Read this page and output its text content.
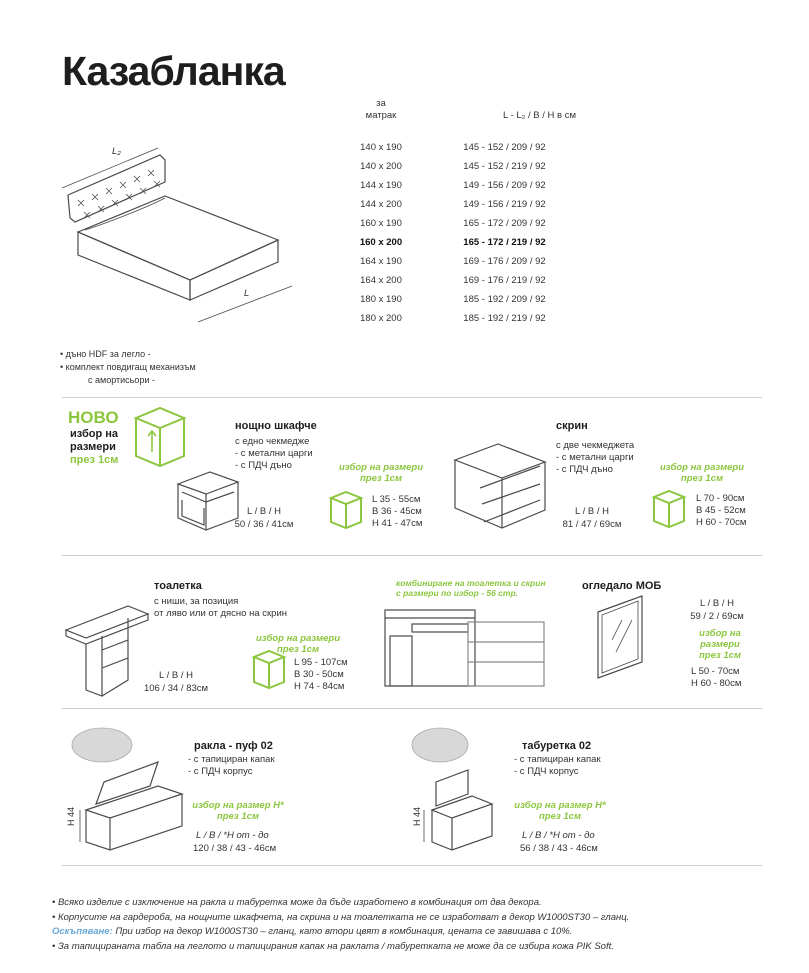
Казабланка
L₂
L
за
матрак	L - L₂ / B / H в см
140 x 190	145 - 152 / 209 / 92
140 x 200	145 - 152 / 219 / 92
144 x 190	149 - 156 / 209 / 92
144 x 200	149 - 156 / 219 / 92
160 x 190	165 - 172 / 209 / 92
160 x 200	165 - 172 / 219 / 92
164 x 190	169 - 176 / 209 / 92
164 x 200	169 - 176 / 219 / 92
180 x 190	185 - 192 / 209 / 92
180 x 200	185 - 192 / 219 / 92
• дъно HDF за легло -
• комплект повдигащ механизъм
с амортисьори -
НОВО
избор на
размери
през 1см
нощно шкафче
с едно чекмедже
- с метални царги
- с ПДЧ дъно	избор на размери
през 1см
L / B / H
50 / 36 / 41см
L 35 - 55см
B 36 - 45см
H 41 - 47см
скрин
с две чекмеджета
- с метални царги
- с ПДЧ дъно	избор на размери
през 1см
L / B / H
81 / 47 / 69см
L 70 - 90см
B 45 - 52см
H 60 - 70см
тоалетка
с ниши, за позиция
от ляво или от дясно на скрин
избор на размери
през 1см
L / B / H
106 / 34 / 83см
L 95 - 107см
B 30 - 50см
H 74 - 84см
комбиниране на тоалетка и скрин
с размери по избор - 56 стр.
огледало МОБ
L / B / H
59 / 2 / 69см
избор на
размери
през 1см
L 50 - 70см
H 60 - 80см
ракла - пуф 02
- с тапициран капак
- с ПДЧ корпус
избор на размер H*
през 1см
L / B / *H от - до
120 / 38 / 43 - 46см
H 44
табуретка 02
- с тапициран капак
- с ПДЧ корпус
избор на размер H*
през 1см
L / B / *H от - до
56 / 38 / 43 - 46см
H 44
• Всяко изделие с изключение на ракла и табуретка може да бъде изработено в комбинация от два декора.
• Корпусите на гардероба, на нощните шкафчета, на скрина и на тоалетката не се изработват в декор W1000ST30 – гланц.
Оскъпяване: При избор на декор W1000ST30 – гланц, като втори цвят в комбинация, цената се завишава с 10%.
• За тапицираната табла на леглото и тапицирания капак на раклата / табуретката не може да се избира кожа PIK Soft.
